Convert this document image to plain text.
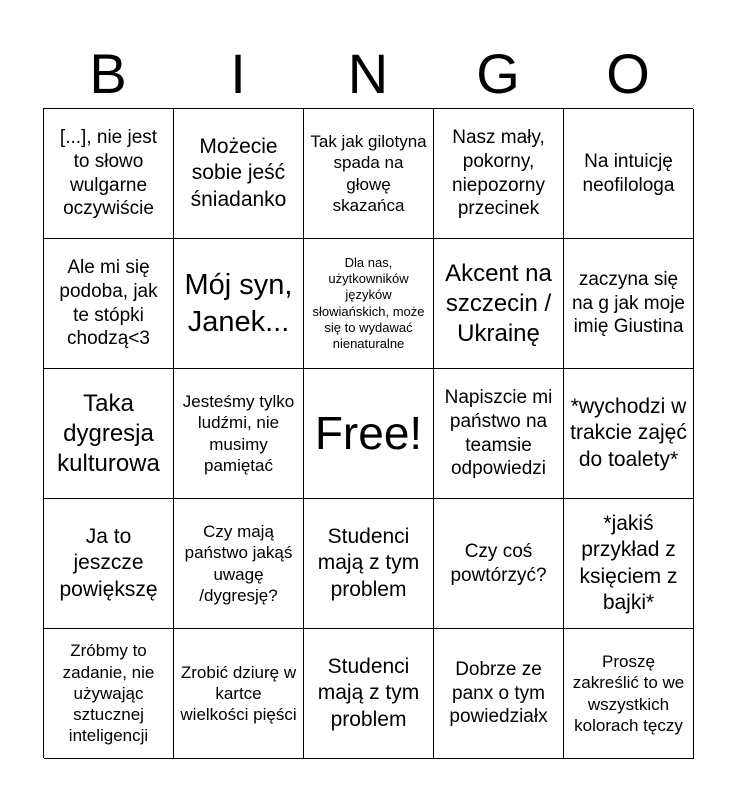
B	I	N	G	O
[...], nie jest to słowo wulgarne oczywiście
Możecie sobie jeść śniadanko
Tak jak gilotyna spada na głowę skazańca
Nasz mały, pokorny, niepozorny przecinek
Na intuicję neofilologa
Ale mi się podoba, jak te stópki chodzą<3
Mój syn, Janek...
Dla nas, użytkowników języków słowiańskich, może się to wydawać nienaturalne
Akcent na szczecin / Ukrainę
zaczyna się na g jak moje imię Giustina
Taka dygresja kulturowa
Jesteśmy tylko ludźmi, nie musimy pamiętać
Free!
Napiszcie mi państwo na teamsie odpowiedzi
*wychodzi w trakcie zajęć do toalety*
Ja to jeszcze powiększę
Czy mają państwo jakąś uwagę /dygresję?
Studenci mają z tym problem
Czy coś powtórzyć?
*jakiś przykład z księciem z bajki*
Zróbmy to zadanie, nie używając sztucznej inteligencji
Zrobić dziurę w kartce wielkości pięści
Studenci mają z tym problem
Dobrze ze panx o tym powiedziałx
Proszę zakreślić to we wszystkich kolorach tęczy
